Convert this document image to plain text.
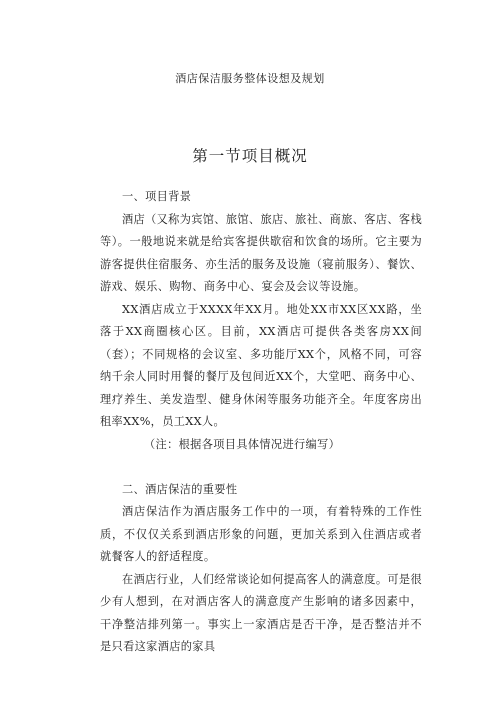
酒店保洁服务整体设想及规划
第一节项目概况

一、项目背景

酒店（又称为宾馆、旅馆、旅店、旅社、商旅、客店、客栈等）。一般地说来就是给宾客提供歇宿和饮食的场所。它主要为游客提供住宿服务、亦生活的服务及设施（寝前服务）、餐饮、游戏、娱乐、购物、商务中心、宴会及会议等设施。

XX酒店成立于XXXX年XX月。地处XX市XX区XX路，坐落于XX商圈核心区。目前，XX酒店可提供各类客房XX间（套）；不同规格的会议室、多功能厅XX个，风格不同，可容纳千余人同时用餐的餐厅及包间近XX个，大堂吧、商务中心、理疗养生、美发造型、健身休闲等服务功能齐全。年度客房出租率XX%，员工XX人。

（注：根据各项目具体情况进行编写）

二、酒店保洁的重要性

酒店保洁作为酒店服务工作中的一项，有着特殊的工作性质，不仅仅关系到酒店形象的问题，更加关系到入住酒店或者就餐客人的舒适程度。

在酒店行业，人们经常谈论如何提高客人的满意度。可是很少有人想到，在对酒店客人的满意度产生影响的诸多因素中，干净整洁排列第一。事实上一家酒店是否干净，是否整洁并不是只看这家酒店的家具
